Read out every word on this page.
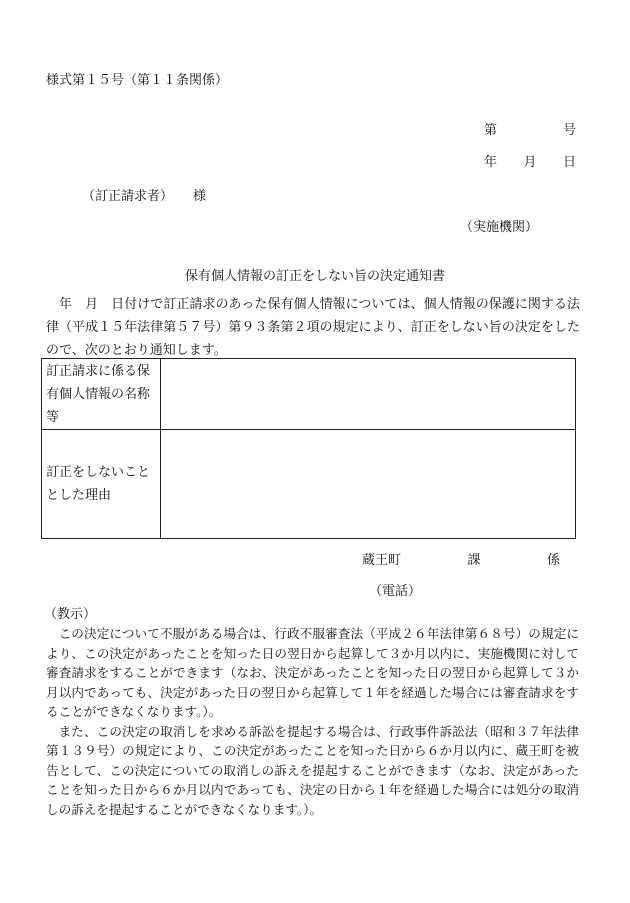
様式第１５号（第１１条関係）
第	号
年 月 日
（訂正請求者） 様
（実施機関）
保有個人情報の訂正をしない旨の決定通知書
　年　月　日付けで訂正請求のあった保有個人情報については、個人情報の保護に関する法律（平成１５年法律第５７号）第９３条第２項の規定により、訂正をしない旨の決定をしたので、次のとおり通知します。
訂正請求に係る保有個人情報の名称等	
訂正をしないこととした理由	
蔵王町	課	係
（電話）
（教示）

この決定について不服がある場合は、行政不服審査法（平成２６年法律第６８号）の規定により、この決定があったことを知った日の翌日から起算して３か月以内に、実施機関に対して審査請求をすることができます（なお、決定があったことを知った日の翌日から起算して３か月以内であっても、決定があった日の翌日から起算して１年を経過した場合には審査請求をすることができなくなります。）。

また、この決定の取消しを求める訴訟を提起する場合は、行政事件訴訟法（昭和３７年法律第１３９号）の規定により、この決定があったことを知った日から６か月以内に、蔵王町を被告として、この決定についての取消しの訴えを提起することができます（なお、決定があったことを知った日から６か月以内であっても、決定の日から１年を経過した場合には処分の取消しの訴えを提起することができなくなります。）。
